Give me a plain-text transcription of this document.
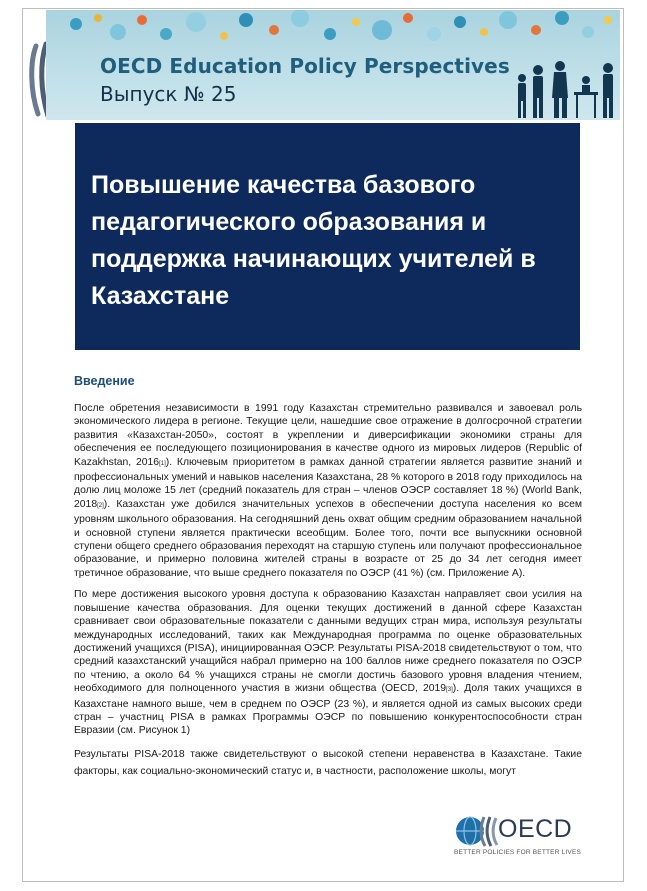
OECD Education Policy Perspectives
Выпуск № 25
Повышение качества базового педагогического образования и поддержка начинающих учителей в Казахстане
Введение

После обретения независимости в 1991 году Казахстан стремительно развивался и завоевал роль экономического лидера в регионе. Текущие цели, нашедшие свое отражение в долгосрочной стратегии развития «Казахстан-2050», состоят в укреплении и диверсификации экономики страны для обеспечения ее последующего позиционирования в качестве одного из мировых лидеров (Republic of Kazakhstan, 2016[1]). Ключевым приоритетом в рамках данной стратегии является развитие знаний и профессиональных умений и навыков населения Казахстана, 28 % которого в 2018 году приходилось на долю лиц моложе 15 лет (средний показатель для стран – членов ОЭСР составляет 18 %) (World Bank, 2018[2]). Казахстан уже добился значительных успехов в обеспечении доступа населения ко всем уровням школьного образования. На сегодняшний день охват общим средним образованием начальной и основной ступени является практически всеобщим. Более того, почти все выпускники основной ступени общего среднего образования переходят на старшую ступень или получают профессиональное образование, и примерно половина жителей страны в возрасте от 25 до 34 лет сегодня имеет третичное образование, что выше среднего показателя по ОЭСР (41 %) (см. Приложение A).

По мере достижения высокого уровня доступа к образованию Казахстан направляет свои усилия на повышение качества образования. Для оценки текущих достижений в данной сфере Казахстан сравнивает свои образовательные показатели с данными ведущих стран мира, используя результаты международных исследований, таких как Международная программа по оценке образовательных достижений учащихся (PISA), инициированная ОЭСР. Результаты PISA-2018 свидетельствуют о том, что средний казахстанский учащийся набрал примерно на 100 баллов ниже среднего показателя по ОЭСР по чтению, а около 64 % учащихся страны не смогли достичь базового уровня владения чтением, необходимого для полноценного участия в жизни общества (OECD, 2019[3]). Доля таких учащихся в Казахстане намного выше, чем в среднем по ОЭСР (23 %), и является одной из самых высоких среди стран – участниц PISA в рамках Программы ОЭСР по повышению конкурентоспособности стран Евразии (см. Рисунок 1)

Результаты PISA-2018 также свидетельствуют о высокой степени неравенства в Казахстане. Такие факторы, как социально-экономический статус и, в частности, расположение школы, могут

OECD
BETTER POLICIES FOR BETTER LIVES
